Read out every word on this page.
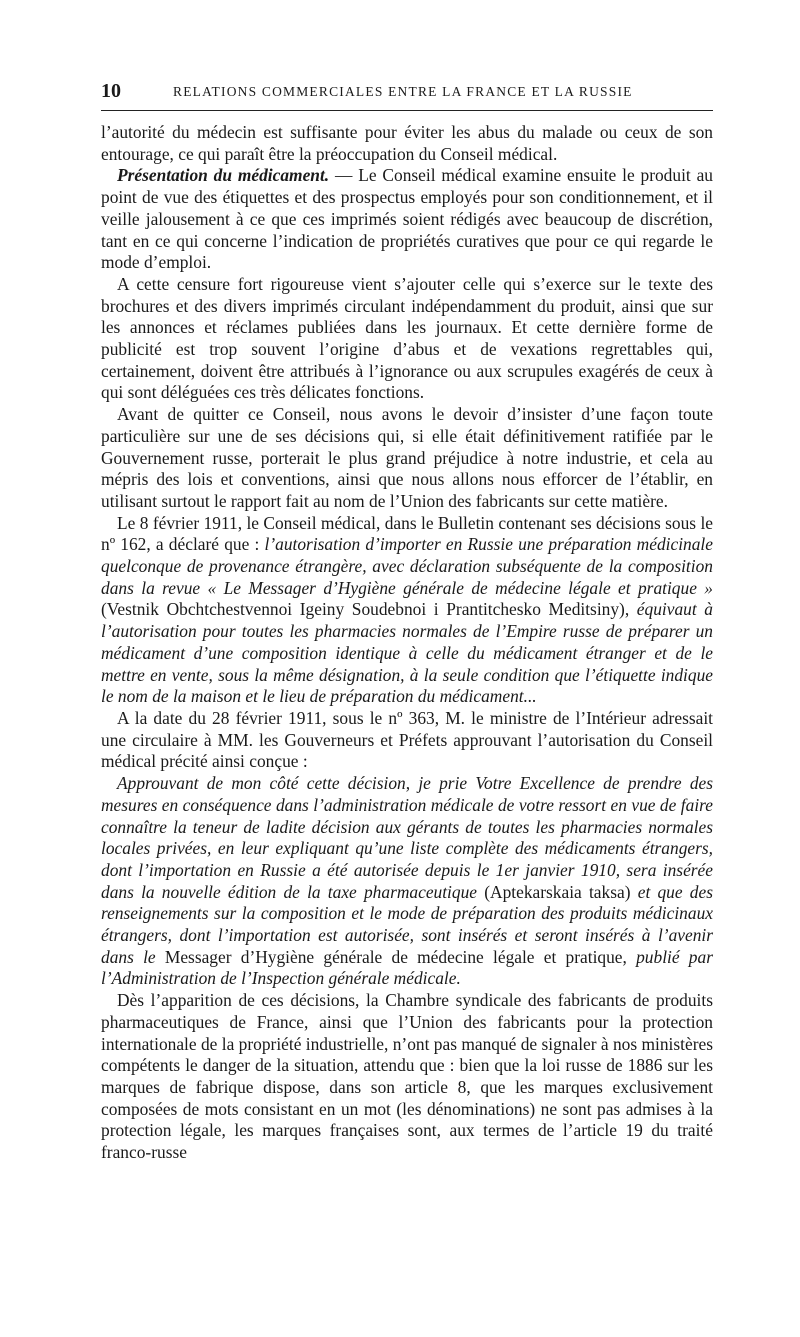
10	RELATIONS COMMERCIALES ENTRE LA FRANCE ET LA RUSSIE

l’autorité du médecin est suffisante pour éviter les abus du malade ou ceux de son entourage, ce qui paraît être la préoccupation du Conseil médical.

Présentation du médicament. — Le Conseil médical examine ensuite le produit au point de vue des étiquettes et des prospectus employés pour son conditionnement, et il veille jalousement à ce que ces imprimés soient rédigés avec beaucoup de discrétion, tant en ce qui concerne l’indication de propriétés curatives que pour ce qui regarde le mode d’emploi.

A cette censure fort rigoureuse vient s’ajouter celle qui s’exerce sur le texte des brochures et des divers imprimés circulant indépendamment du produit, ainsi que sur les annonces et réclames publiées dans les journaux. Et cette dernière forme de publicité est trop souvent l’origine d’abus et de vexations regrettables qui, certainement, doivent être attribués à l’ignorance ou aux scrupules exagérés de ceux à qui sont déléguées ces très délicates fonctions.

Avant de quitter ce Conseil, nous avons le devoir d’insister d’une façon toute particulière sur une de ses décisions qui, si elle était définitivement ratifiée par le Gouvernement russe, porterait le plus grand préjudice à notre industrie, et cela au mépris des lois et conventions, ainsi que nous allons nous efforcer de l’établir, en utilisant surtout le rapport fait au nom de l’Union des fabricants sur cette matière.

Le 8 février 1911, le Conseil médical, dans le Bulletin contenant ses décisions sous le nº 162, a déclaré que : l’autorisation d’importer en Russie une préparation médicinale quelconque de provenance étrangère, avec déclaration subséquente de la composition dans la revue « Le Messager d’Hygiène générale de médecine légale et pratique » (Vestnik Obchtchestvennoi Igeiny Soudebnoi i Prantitchesko Meditsiny), équivaut à l’autorisation pour toutes les pharmacies normales de l’Empire russe de préparer un médicament d’une composition identique à celle du médicament étranger et de le mettre en vente, sous la même désignation, à la seule condition que l’étiquette indique le nom de la maison et le lieu de préparation du médicament...

A la date du 28 février 1911, sous le nº 363, M. le ministre de l’Intérieur adressait une circulaire à MM. les Gouverneurs et Préfets approuvant l’autorisation du Conseil médical précité ainsi conçue :

Approuvant de mon côté cette décision, je prie Votre Excellence de prendre des mesures en conséquence dans l’administration médicale de votre ressort en vue de faire connaître la teneur de ladite décision aux gérants de toutes les pharmacies normales locales privées, en leur expliquant qu’une liste complète des médicaments étrangers, dont l’importation en Russie a été autorisée depuis le 1er janvier 1910, sera insérée dans la nouvelle édition de la taxe pharmaceutique (Aptekarskaia taksa) et que des renseignements sur la composition et le mode de préparation des produits médicinaux étrangers, dont l’importation est autorisée, sont insérés et seront insérés à l’avenir dans le Messager d’Hygiène générale de médecine légale et pratique, publié par l’Administration de l’Inspection générale médicale.

Dès l’apparition de ces décisions, la Chambre syndicale des fabricants de produits pharmaceutiques de France, ainsi que l’Union des fabricants pour la protection internationale de la propriété industrielle, n’ont pas manqué de signaler à nos ministères compétents le danger de la situation, attendu que : bien que la loi russe de 1886 sur les marques de fabrique dispose, dans son article 8, que les marques exclusivement composées de mots consistant en un mot (les dénominations) ne sont pas admises à la protection légale, les marques françaises sont, aux termes de l’article 19 du traité franco-russe
